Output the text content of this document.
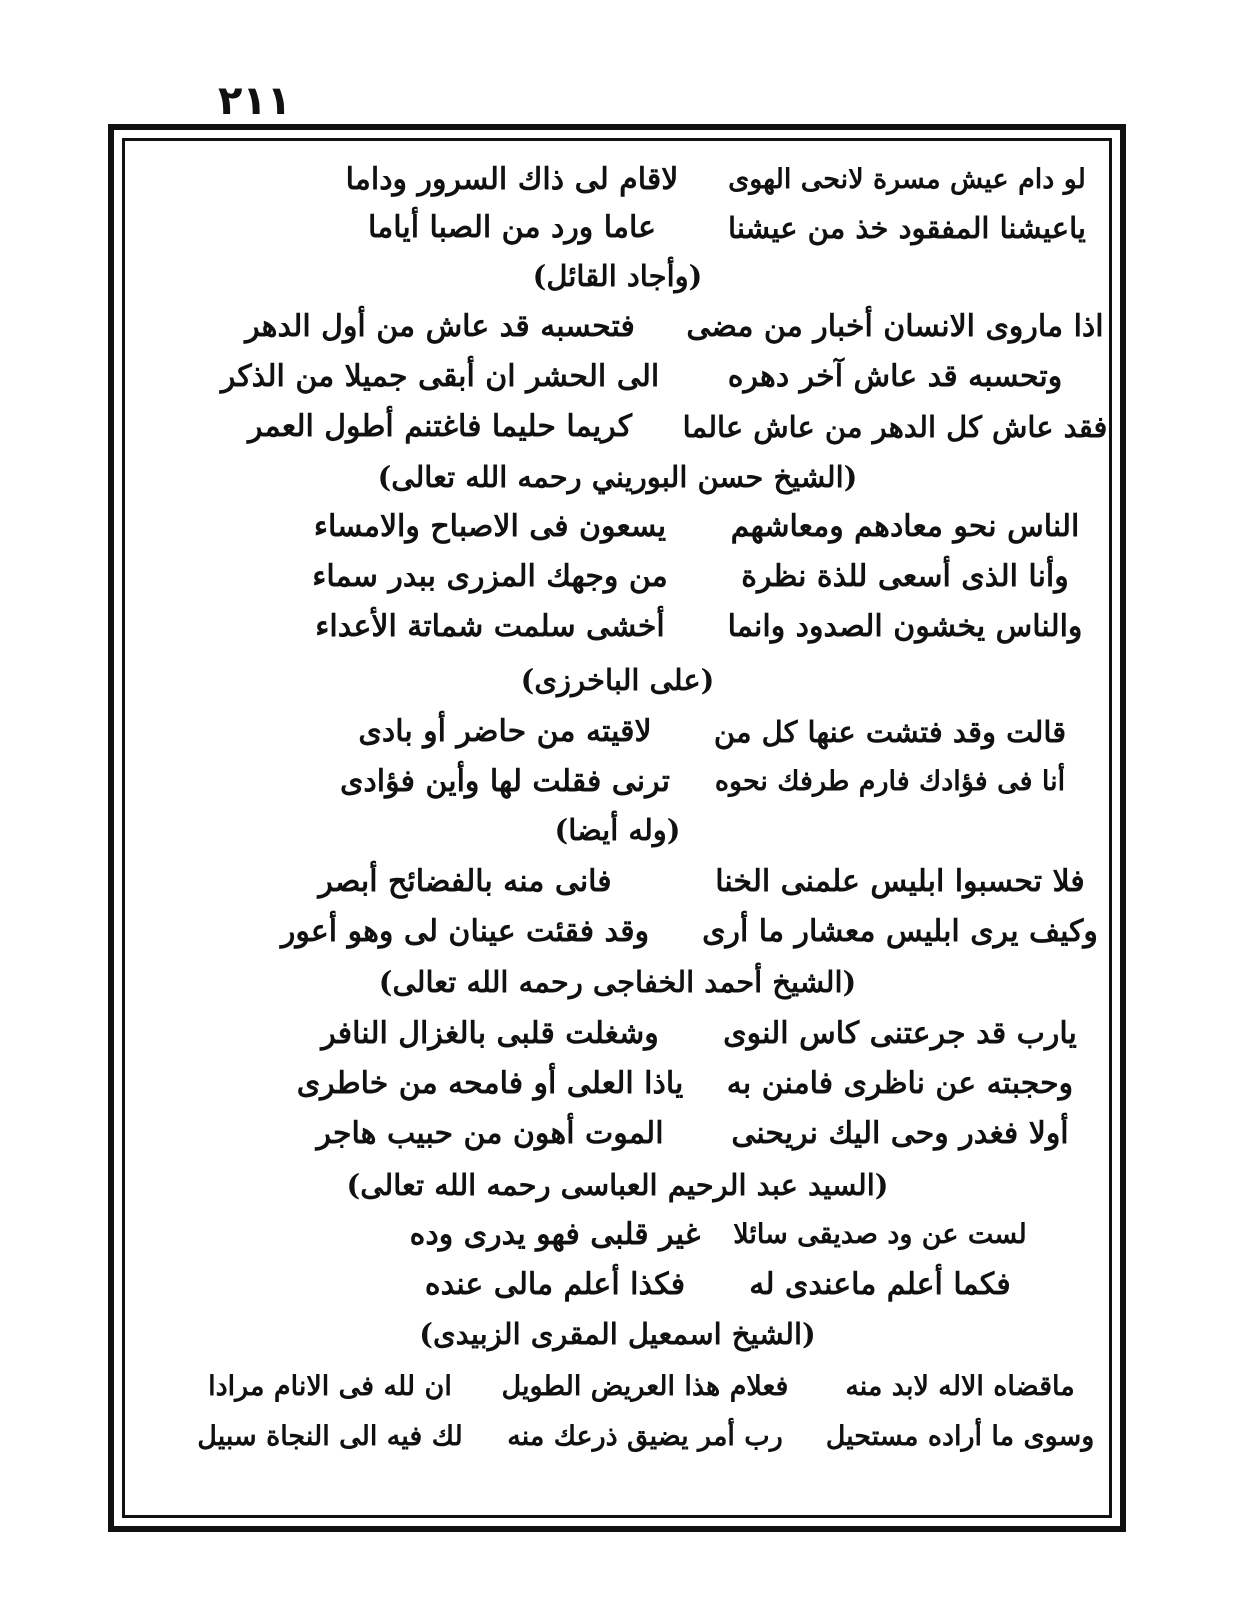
٢١١
لو دام عيش مسرة لانحى الهوى
لاقام لى ذاك السرور وداما
ياعيشنا المفقود خذ من عيشنا
عاما ورد من الصبا أياما
(وأجاد القائل)
اذا ماروى الانسان أخبار من مضى
فتحسبه قد عاش من أول الدهر
وتحسبه قد عاش آخر دهره
الى الحشر ان أبقى جميلا من الذكر
فقد عاش كل الدهر من عاش عالما
كريما حليما فاغتنم أطول العمر
(الشيخ حسن البوريني رحمه الله تعالى)
الناس نحو معادهم ومعاشهم
يسعون فى الاصباح والامساء
وأنا الذى أسعى للذة نظرة
من وجهك المزرى ببدر سماء
والناس يخشون الصدود وانما
أخشى سلمت شماتة الأعداء
(على الباخرزى)
قالت وقد فتشت عنها كل من
لاقيته من حاضر أو بادى
أنا فى فؤادك فارم طرفك نحوه
ترنى فقلت لها وأين فؤادى
(وله أيضا)
فلا تحسبوا ابليس علمنى الخنا
فانى منه بالفضائح أبصر
وكيف يرى ابليس معشار ما أرى
وقد فقئت عينان لى وهو أعور
(الشيخ أحمد الخفاجى رحمه الله تعالى)
يارب قد جرعتنى كاس النوى
وشغلت قلبى بالغزال النافر
وحجبته عن ناظرى فامنن به
ياذا العلى أو فامحه من خاطرى
أولا فغدر وحى اليك نريحنى
الموت أهون من حبيب هاجر
(السيد عبد الرحيم العباسى رحمه الله تعالى)
لست عن ود صديقى سائلا
غير قلبى فهو يدرى وده
فكما أعلم ماعندى له
فكذا أعلم مالى عنده
(الشيخ اسمعيل المقرى الزبيدى)
ماقضاه الاله لابد منه
فعلام هذا العريض الطويل
ان لله فى الانام مرادا
وسوى ما أراده مستحيل
رب أمر يضيق ذرعك منه
لك فيه الى النجاة سبيل
